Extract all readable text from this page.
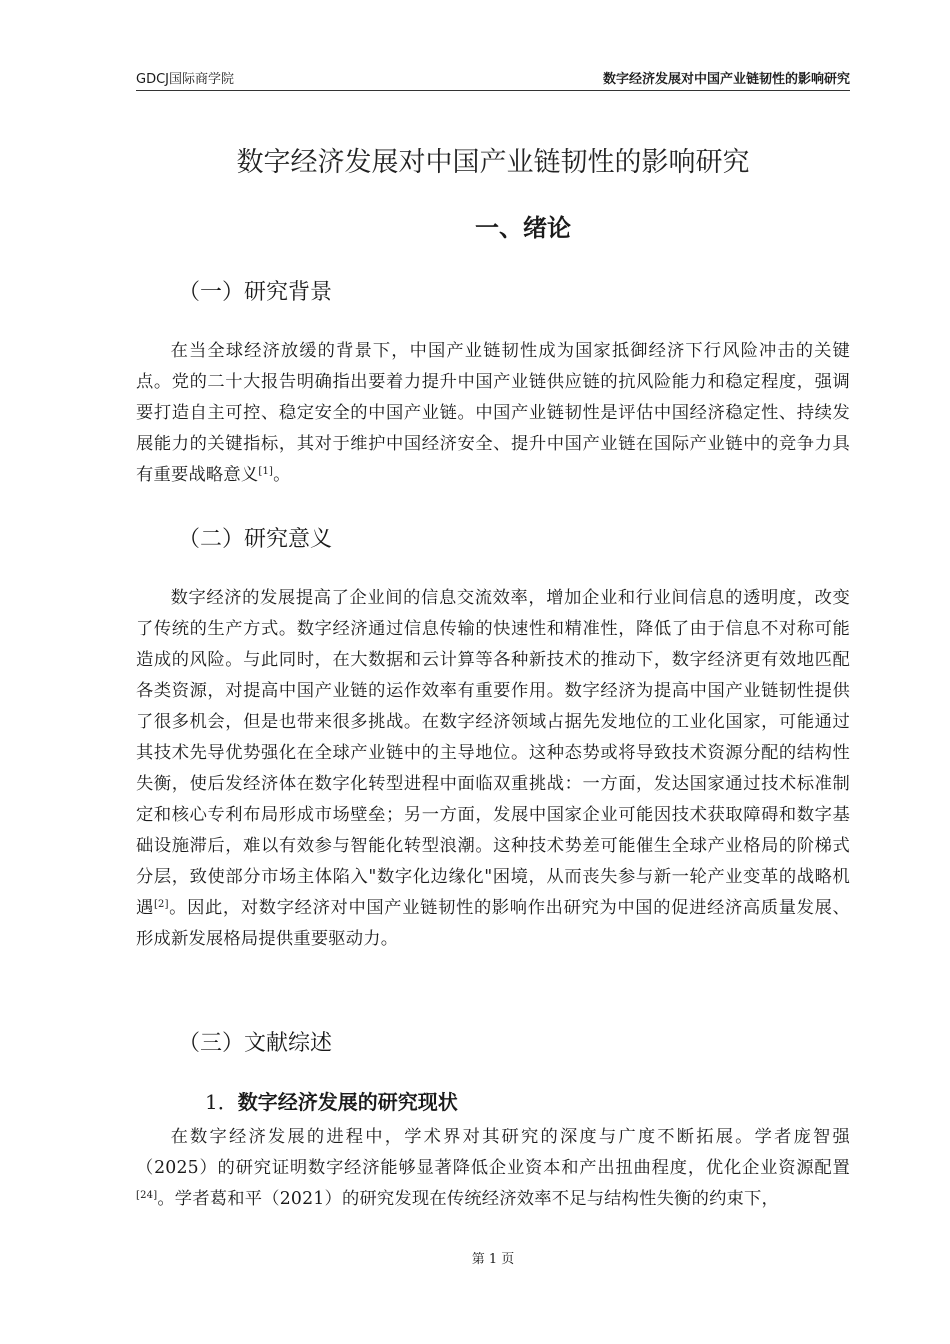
GDCJ国际商学院	数字经济发展对中国产业链韧性的影响研究
数字经济发展对中国产业链韧性的影响研究
一、绪论
（一）研究背景
在当全球经济放缓的背景下，中国产业链韧性成为国家抵御经济下行风险冲击的关键点。党的二十大报告明确指出要着力提升中国产业链供应链的抗风险能力和稳定程度，强调要打造自主可控、稳定安全的中国产业链。中国产业链韧性是评估中国经济稳定性、持续发展能力的关键指标，其对于维护中国经济安全、提升中国产业链在国际产业链中的竞争力具有重要战略意义[1]。
（二）研究意义
数字经济的发展提高了企业间的信息交流效率，增加企业和行业间信息的透明度，改变了传统的生产方式。数字经济通过信息传输的快速性和精准性，降低了由于信息不对称可能造成的风险。与此同时，在大数据和云计算等各种新技术的推动下，数字经济更有效地匹配各类资源，对提高中国产业链的运作效率有重要作用。数字经济为提高中国产业链韧性提供了很多机会，但是也带来很多挑战。在数字经济领域占据先发地位的工业化国家，可能通过其技术先导优势强化在全球产业链中的主导地位。这种态势或将导致技术资源分配的结构性失衡，使后发经济体在数字化转型进程中面临双重挑战：一方面，发达国家通过技术标准制定和核心专利布局形成市场壁垒；另一方面，发展中国家企业可能因技术获取障碍和数字基础设施滞后，难以有效参与智能化转型浪潮。这种技术势差可能催生全球产业格局的阶梯式分层，致使部分市场主体陷入"数字化边缘化"困境，从而丧失参与新一轮产业变革的战略机遇[2]。因此，对数字经济对中国产业链韧性的影响作出研究为中国的促进经济高质量发展、形成新发展格局提供重要驱动力。
（三）文献综述
1．数字经济发展的研究现状
在数字经济发展的进程中，学术界对其研究的深度与广度不断拓展。学者庞智强（2025）的研究证明数字经济能够显著降低企业资本和产出扭曲程度，优化企业资源配置[24]。学者葛和平（2021）的研究发现在传统经济效率不足与结构性失衡的约束下，
第 1 页
